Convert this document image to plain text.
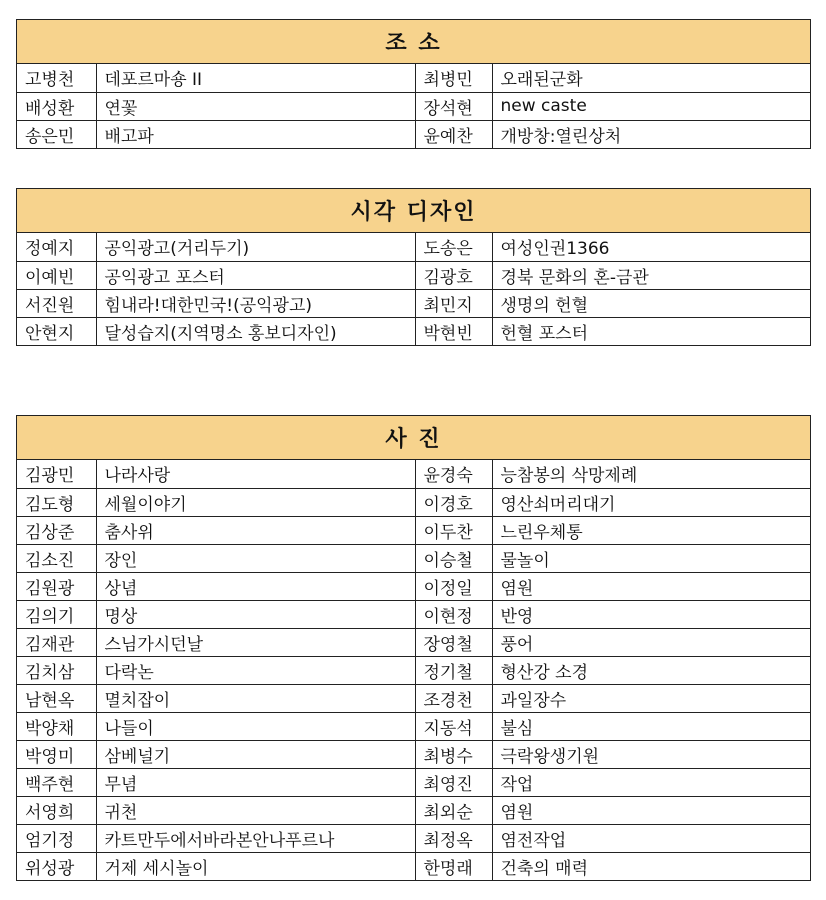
조 소
고병천	데포르마숑 II	최병민	오래된군화
배성환	연꽃	장석현	new caste
송은민	배고파	윤예찬	개방창:열린상처
시각 디자인
정예지	공익광고(거리두기)	도송은	여성인권1366
이예빈	공익광고 포스터	김광호	경북 문화의 혼-금관
서진원	힘내라!대한민국!(공익광고)	최민지	생명의 헌혈
안현지	달성습지(지역명소 홍보디자인)	박현빈	헌혈 포스터
사 진
김광민	나라사랑	윤경숙	능참봉의 삭망제례
김도형	세월이야기	이경호	영산쇠머리대기
김상준	춤사위	이두찬	느린우체통
김소진	장인	이승철	물놀이
김원광	상념	이정일	염원
김의기	명상	이현정	반영
김재관	스님가시던날	장영철	풍어
김치삼	다락논	정기철	형산강 소경
남현옥	멸치잡이	조경천	과일장수
박양채	나들이	지동석	불심
박영미	삼베널기	최병수	극락왕생기원
백주현	무념	최영진	작업
서영희	귀천	최외순	염원
엄기정	카트만두에서바라본안나푸르나	최정옥	염전작업
위성광	거제 세시놀이	한명래	건축의 매력
